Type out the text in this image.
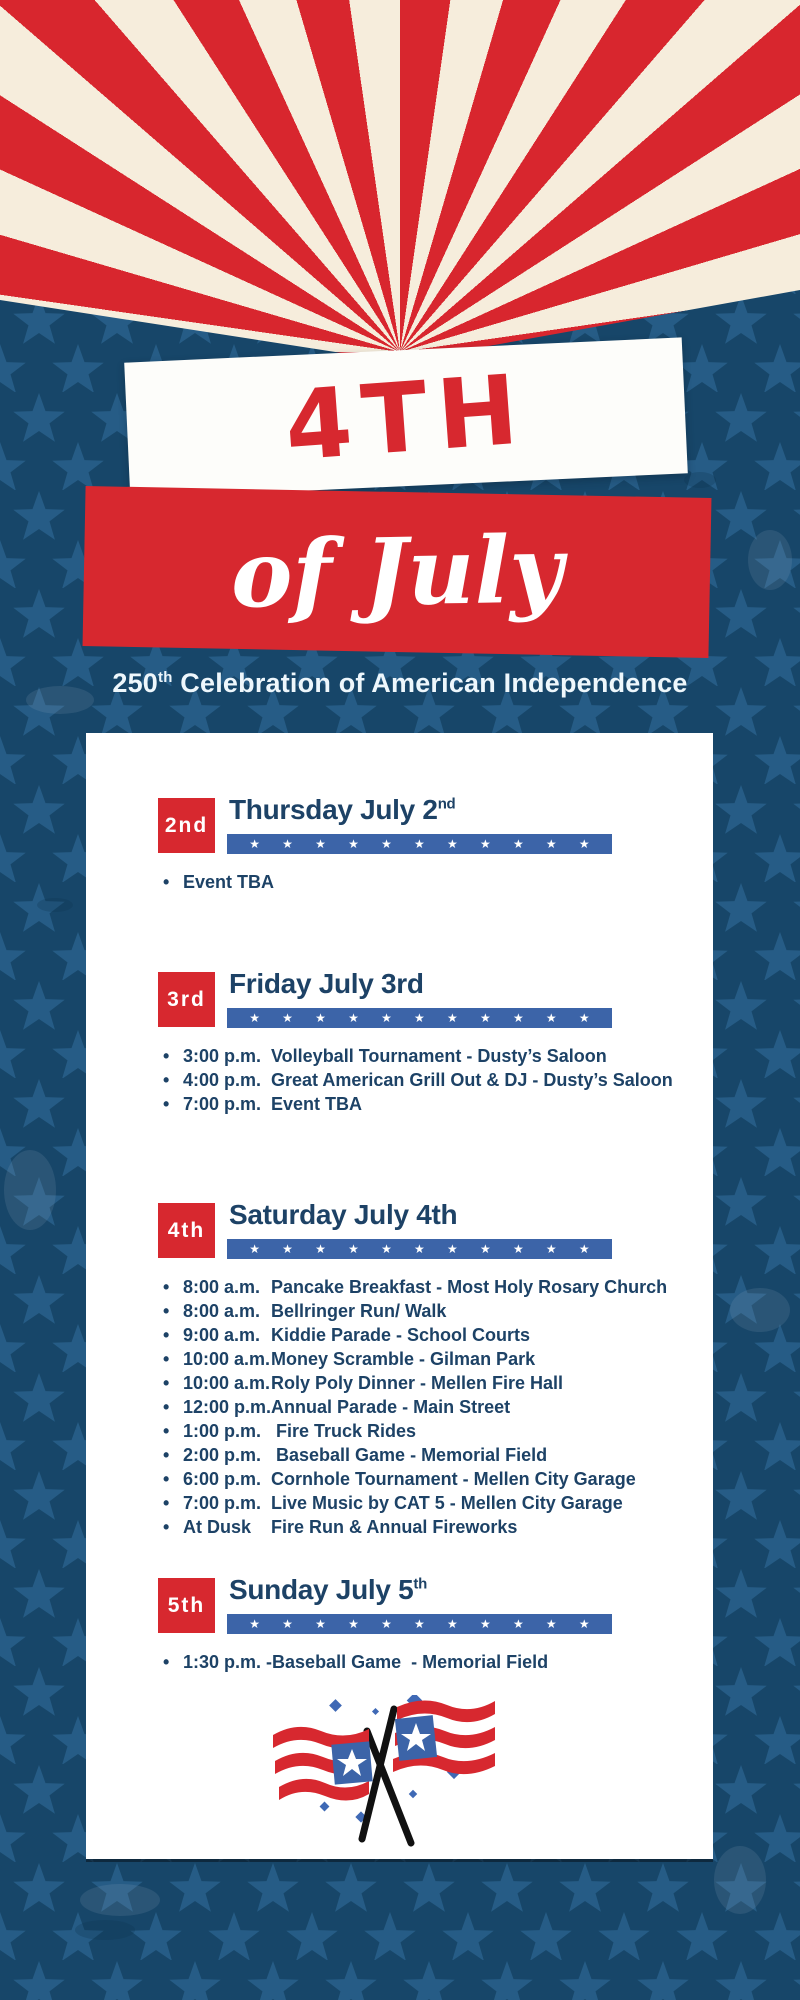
4TH
of July
250th Celebration of American Independence
2nd Thursday July 2nd
★ ★ ★ ★ ★ ★ ★ ★ ★ ★ ★
• Event TBA
3rd Friday July 3rd
★ ★ ★ ★ ★ ★ ★ ★ ★ ★ ★
• 3:00 p.m. Volleyball Tournament - Dusty’s Saloon
• 4:00 p.m. Great American Grill Out & DJ - Dusty’s Saloon
• 7:00 p.m. Event TBA
4th Saturday July 4th
★ ★ ★ ★ ★ ★ ★ ★ ★ ★ ★
• 8:00 a.m. Pancake Breakfast - Most Holy Rosary Church
• 8:00 a.m. Bellringer Run/ Walk
• 9:00 a.m. Kiddie Parade - School Courts
• 10:00 a.m. Money Scramble - Gilman Park
• 10:00 a.m. Roly Poly Dinner - Mellen Fire Hall
• 12:00 p.m. Annual Parade - Main Street
• 1:00 p.m. Fire Truck Rides
• 2:00 p.m. Baseball Game - Memorial Field
• 6:00 p.m. Cornhole Tournament - Mellen City Garage
• 7:00 p.m. Live Music by CAT 5 - Mellen City Garage
• At Dusk	Fire Run & Annual Fireworks
5th Sunday July 5th
★ ★ ★ ★ ★ ★ ★ ★ ★ ★ ★
• 1:30 p.m. - Baseball Game  - Memorial Field
